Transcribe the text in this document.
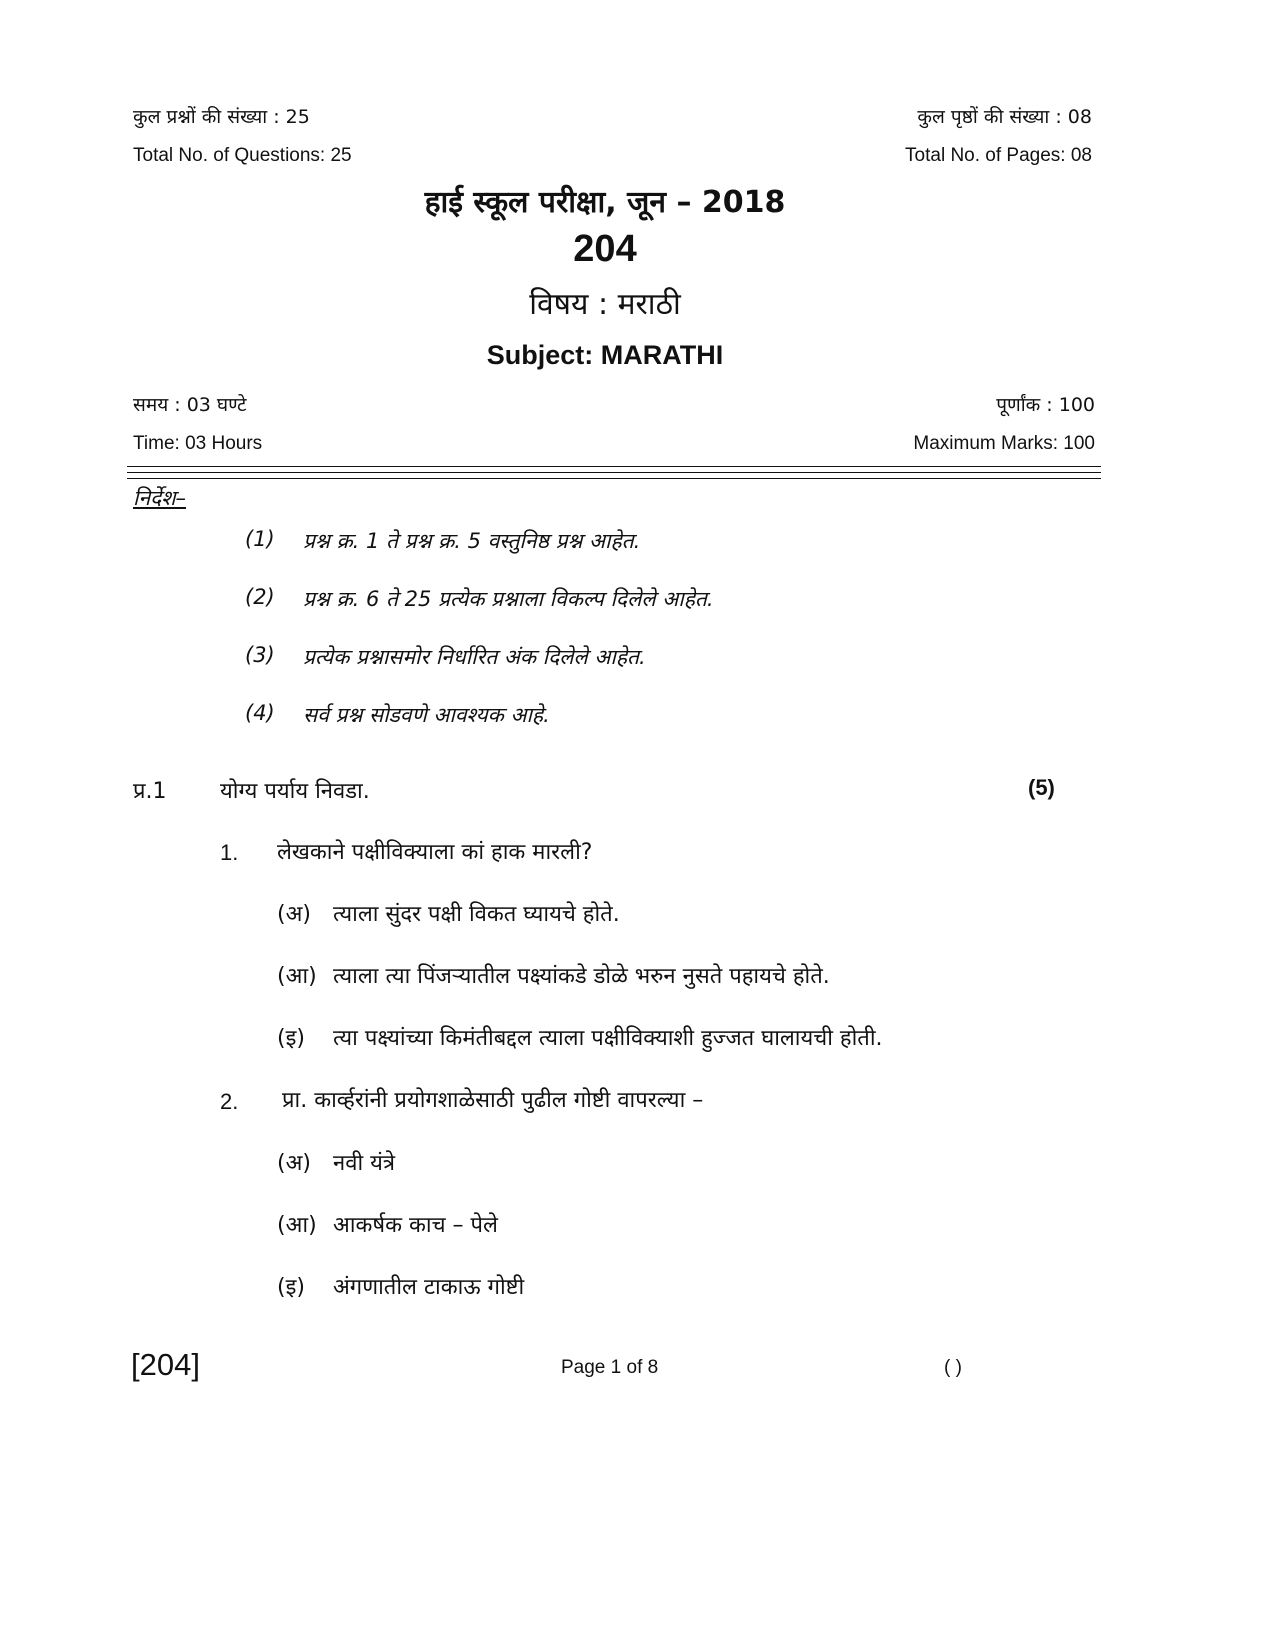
कुल प्रश्नों की संख्या : 25	कुल पृष्ठों की संख्या : 08
Total No. of Questions: 25	Total No. of Pages: 08
हाई स्कूल परीक्षा, जून – 2018
204
विषय : मराठी
Subject: MARATHI
समय : 03 घण्टे	पूर्णांक : 100
Time: 03 Hours	Maximum Marks: 100
निर्देश–
(1) प्रश्न क्र. 1 ते प्रश्न क्र. 5 वस्तुनिष्ठ प्रश्न आहेत.
(2) प्रश्न क्र. 6 ते 25 प्रत्येक प्रश्नाला विकल्प दिलेले आहेत.
(3) प्रत्येक प्रश्नासमोर निर्धारित अंक दिलेले आहेत.
(4) सर्व प्रश्न सोडवणे आवश्यक आहे.
प्र.1 योग्य पर्याय निवडा.	(5)
1. लेखकाने पक्षीविक्याला कां हाक मारली?
(अ) त्याला सुंदर पक्षी विकत घ्यायचे होते.
(आ) त्याला त्या पिंजऱ्यातील पक्ष्यांकडे डोळे भरुन नुसते पहायचे होते.
(इ) त्या पक्ष्यांच्या किमंतीबद्दल त्याला पक्षीविक्याशी हुज्जत घालायची होती.
2. प्रा. कार्व्हरांनी प्रयोगशाळेसाठी पुढील गोष्टी वापरल्या –
(अ) नवी यंत्रे
(आ) आकर्षक काच – पेले
(इ) अंगणातील टाकाऊ गोष्टी
[204]	Page 1 of 8	( )
